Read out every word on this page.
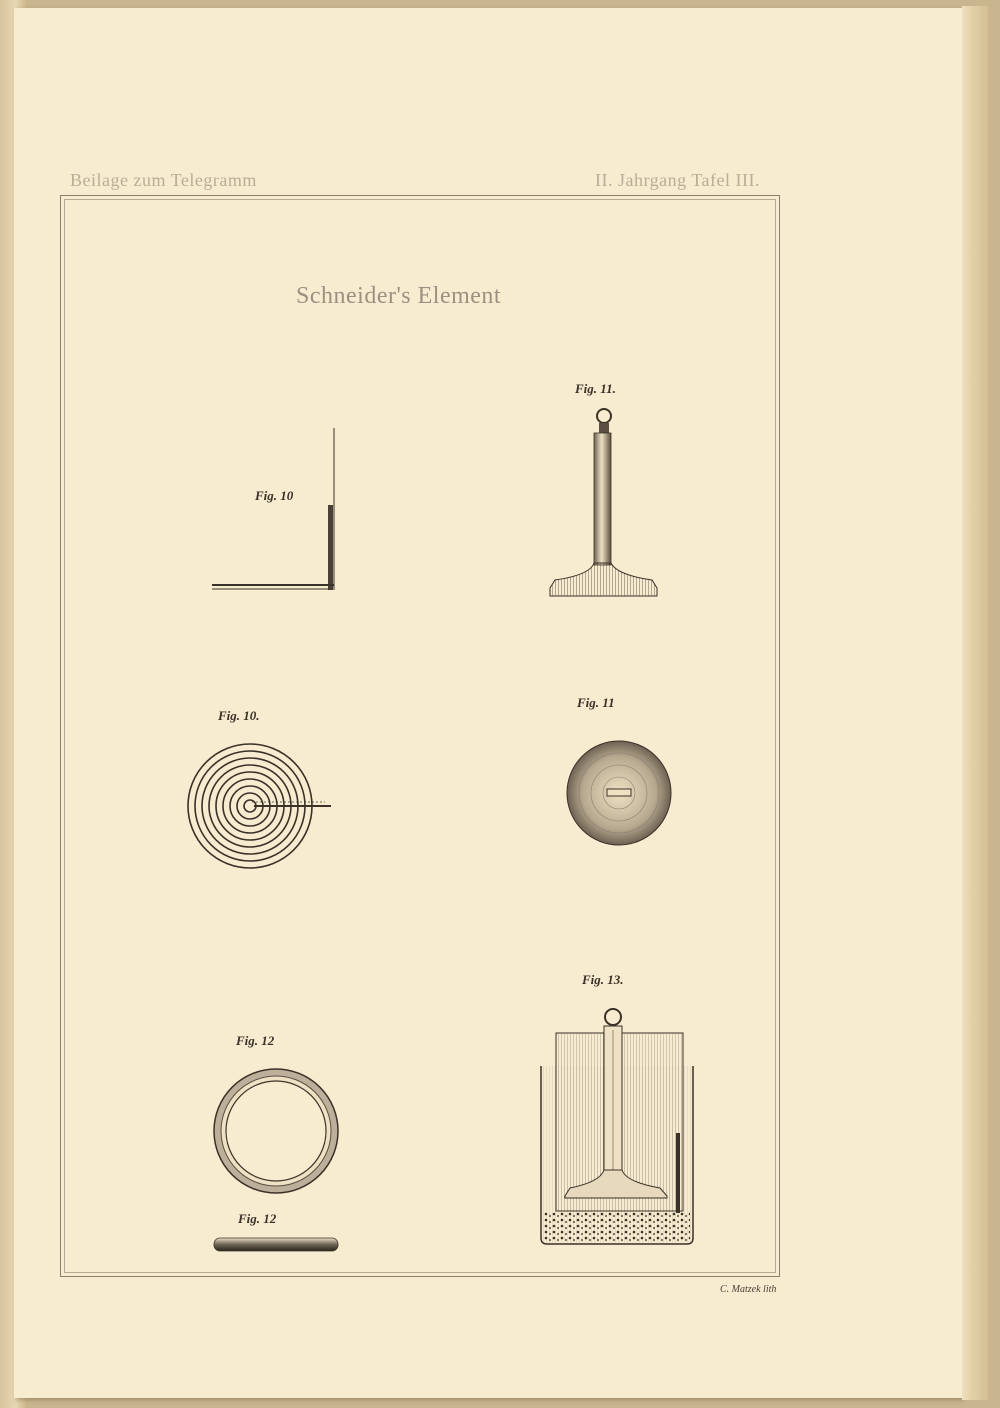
Beilage zum Telegramm	II. Jahrgang Tafel III.
Schneider's Element
Fig. 10
Fig. 11.
Fig. 10.
Fig. 11
Fig. 12
Fig. 13.
Fig. 12
C. Matzek lith
